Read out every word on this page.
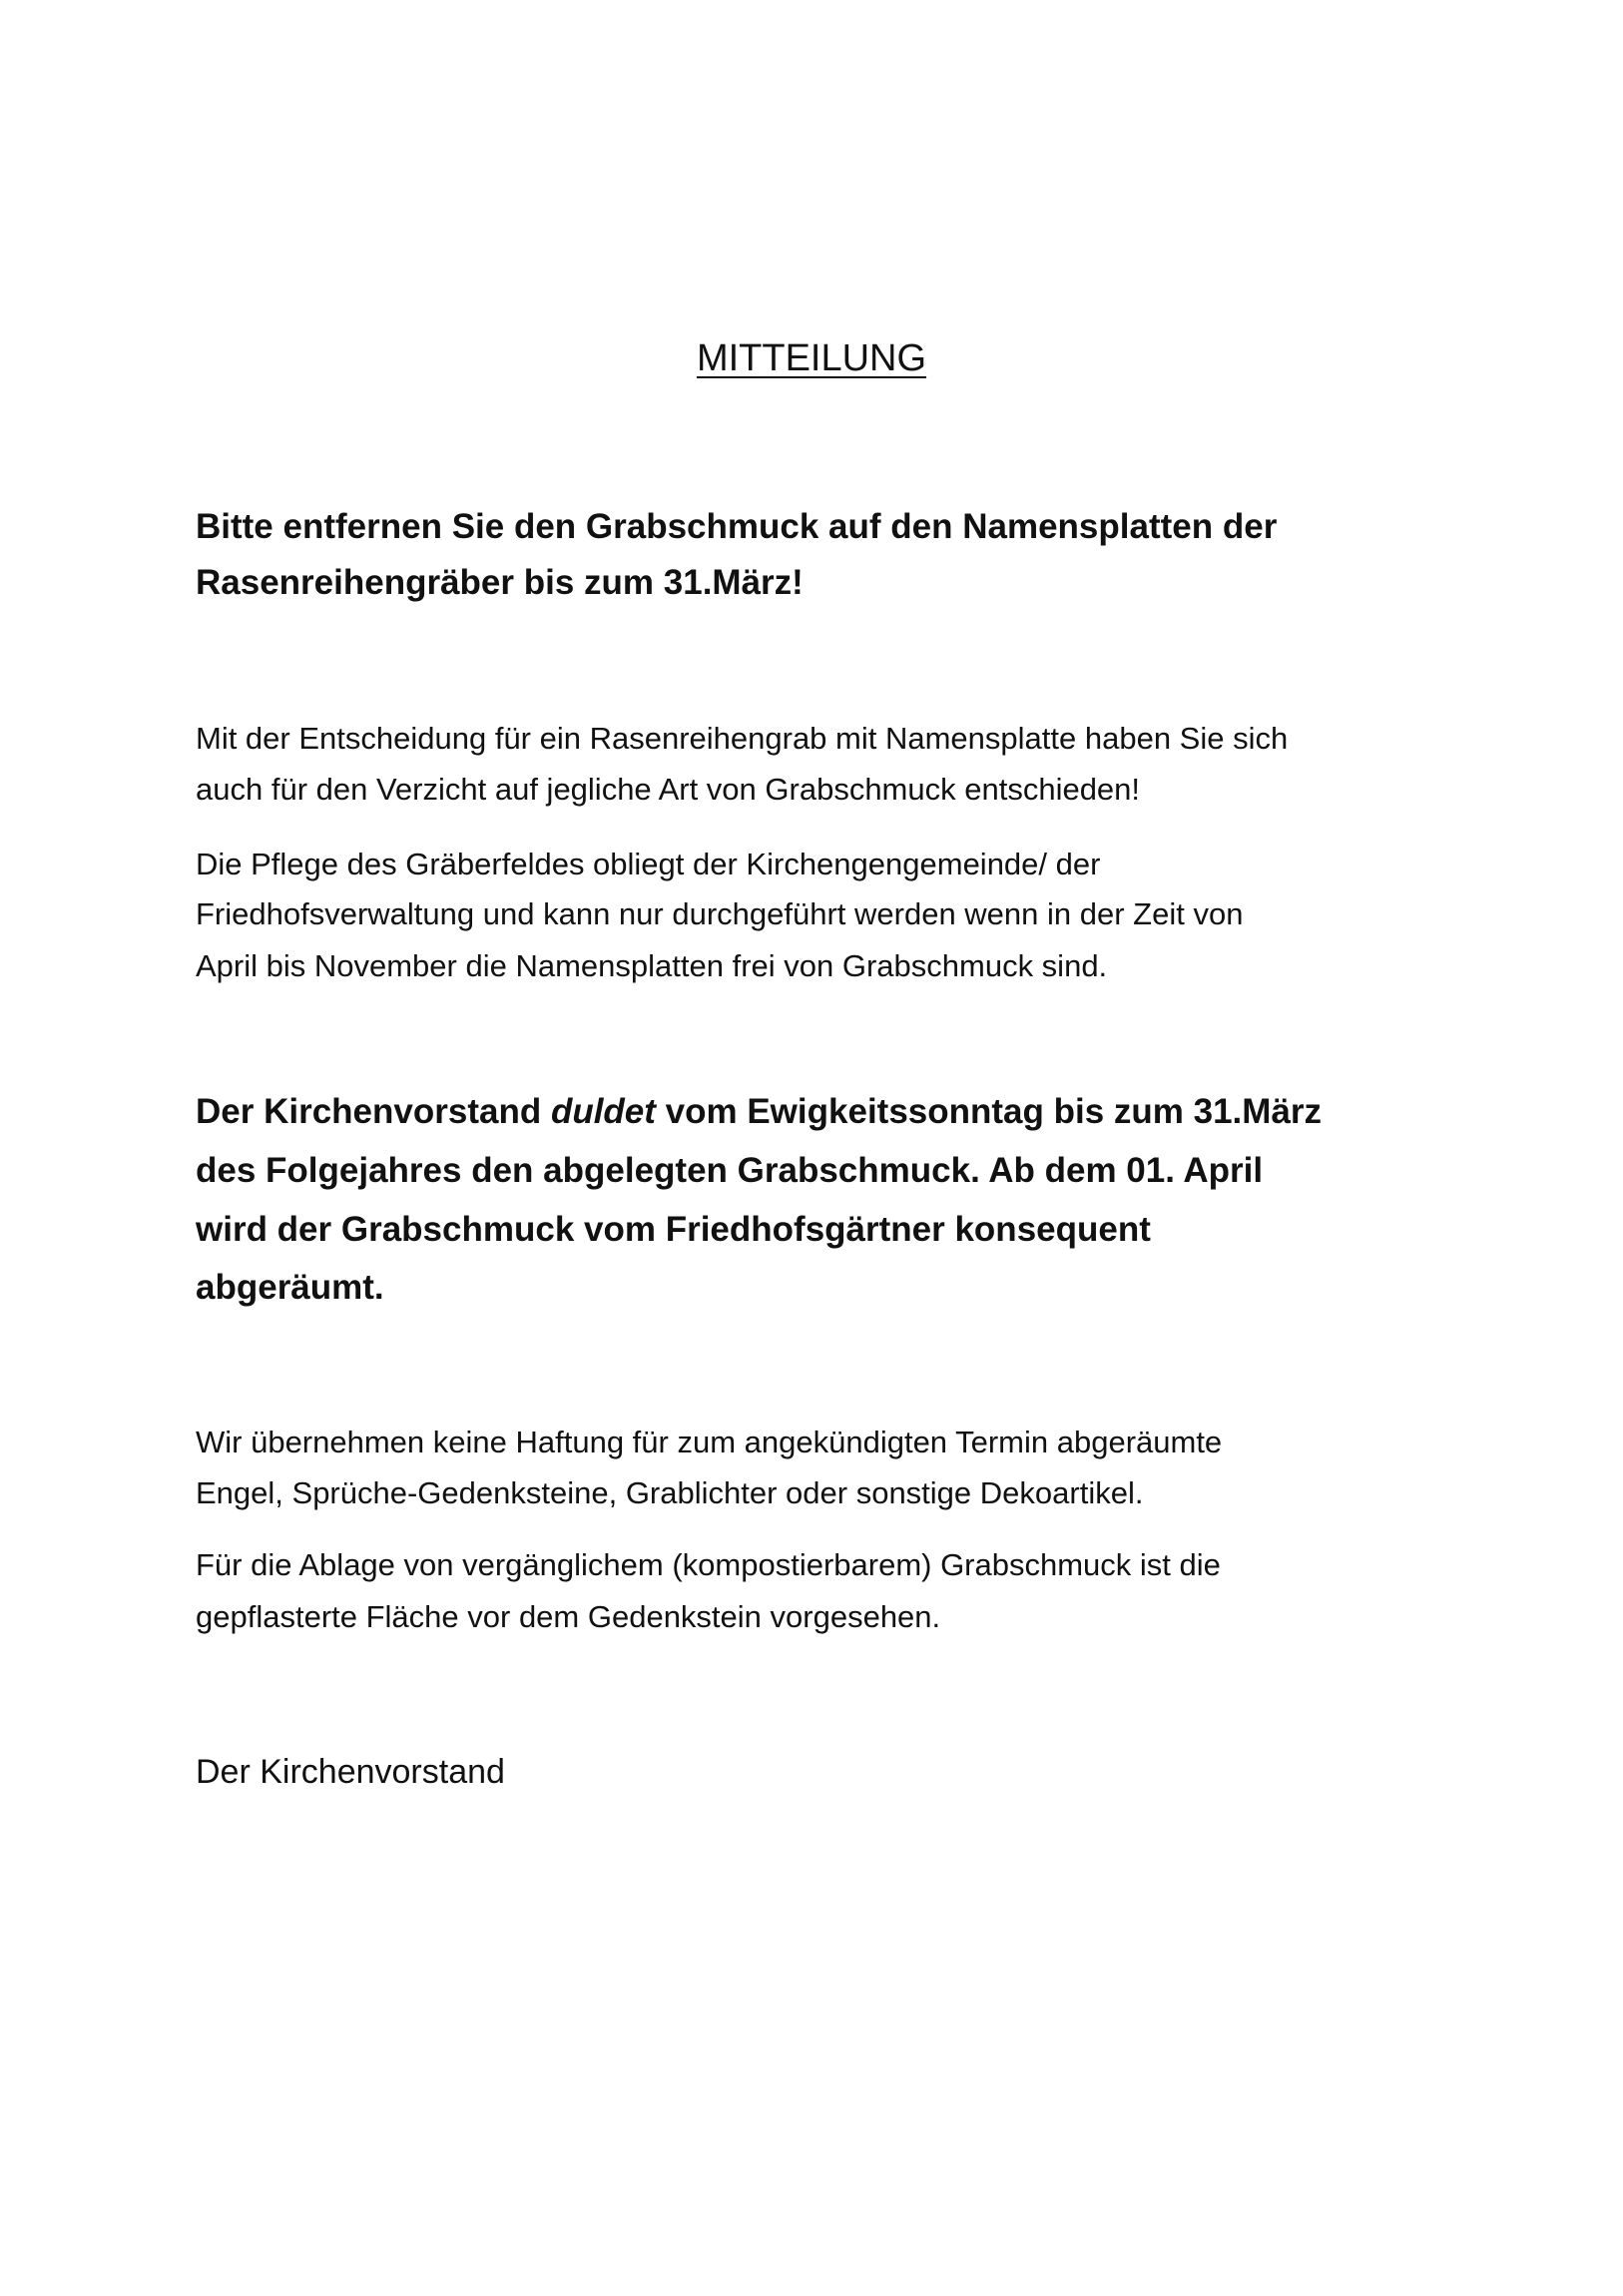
MITTEILUNG
Bitte entfernen Sie den Grabschmuck auf den Namensplatten der
Rasenreihengräber bis zum 31.März!
Mit der Entscheidung für ein Rasenreihengrab mit Namensplatte haben Sie sich
auch für den Verzicht auf jegliche Art von Grabschmuck entschieden!
Die Pflege des Gräberfeldes obliegt der Kirchengengemeinde/ der
Friedhofsverwaltung und kann nur durchgeführt werden wenn in der Zeit von
April bis November die Namensplatten frei von Grabschmuck sind.
Der Kirchenvorstand duldet vom Ewigkeitssonntag bis zum 31.März
des Folgejahres den abgelegten Grabschmuck. Ab dem 01. April
wird der Grabschmuck vom Friedhofsgärtner konsequent
abgeräumt.
Wir übernehmen keine Haftung für zum angekündigten Termin abgeräumte
Engel, Sprüche-Gedenksteine, Grablichter oder sonstige Dekoartikel.
Für die Ablage von vergänglichem (kompostierbarem) Grabschmuck ist die
gepflasterte Fläche vor dem Gedenkstein vorgesehen.
Der Kirchenvorstand
